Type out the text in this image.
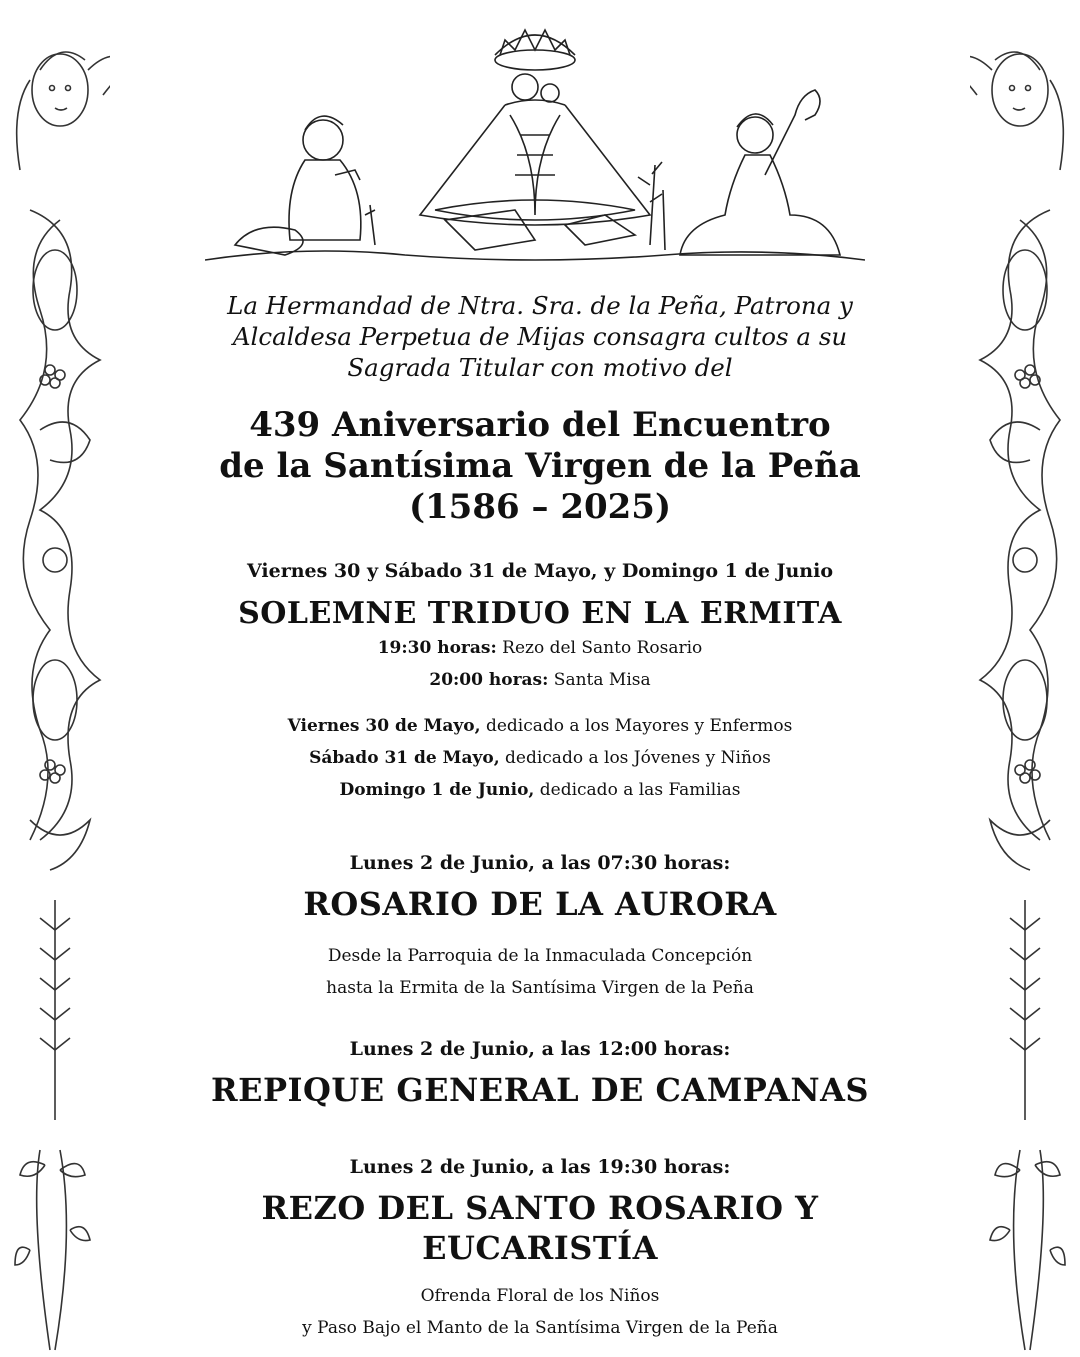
La Hermandad de Ntra. Sra. de la Peña, Patrona y
Alcaldesa Perpetua de Mijas consagra cultos a su
Sagrada Titular con motivo del

439 Aniversario del Encuentro
de la Santísima Virgen de la Peña
(1586 – 2025)

Viernes 30 y Sábado 31 de Mayo, y Domingo 1 de Junio

SOLEMNE TRIDUO EN LA ERMITA

19:30 horas: Rezo del Santo Rosario

20:00 horas: Santa Misa

Viernes 30 de Mayo, dedicado a los Mayores y Enfermos

Sábado 31 de Mayo, dedicado a los Jóvenes y Niños

Domingo 1 de Junio, dedicado a las Familias

Lunes 2 de Junio, a las 07:30 horas:

ROSARIO DE LA AURORA

Desde la Parroquia de la Inmaculada Concepción

hasta la Ermita de la Santísima Virgen de la Peña

Lunes 2 de Junio, a las 12:00 horas:

REPIQUE GENERAL DE CAMPANAS

Lunes 2 de Junio, a las 19:30 horas:

REZO DEL SANTO ROSARIO Y EUCARISTÍA

Ofrenda Floral de los Niños

y Paso Bajo el Manto de la Santísima Virgen de la Peña
